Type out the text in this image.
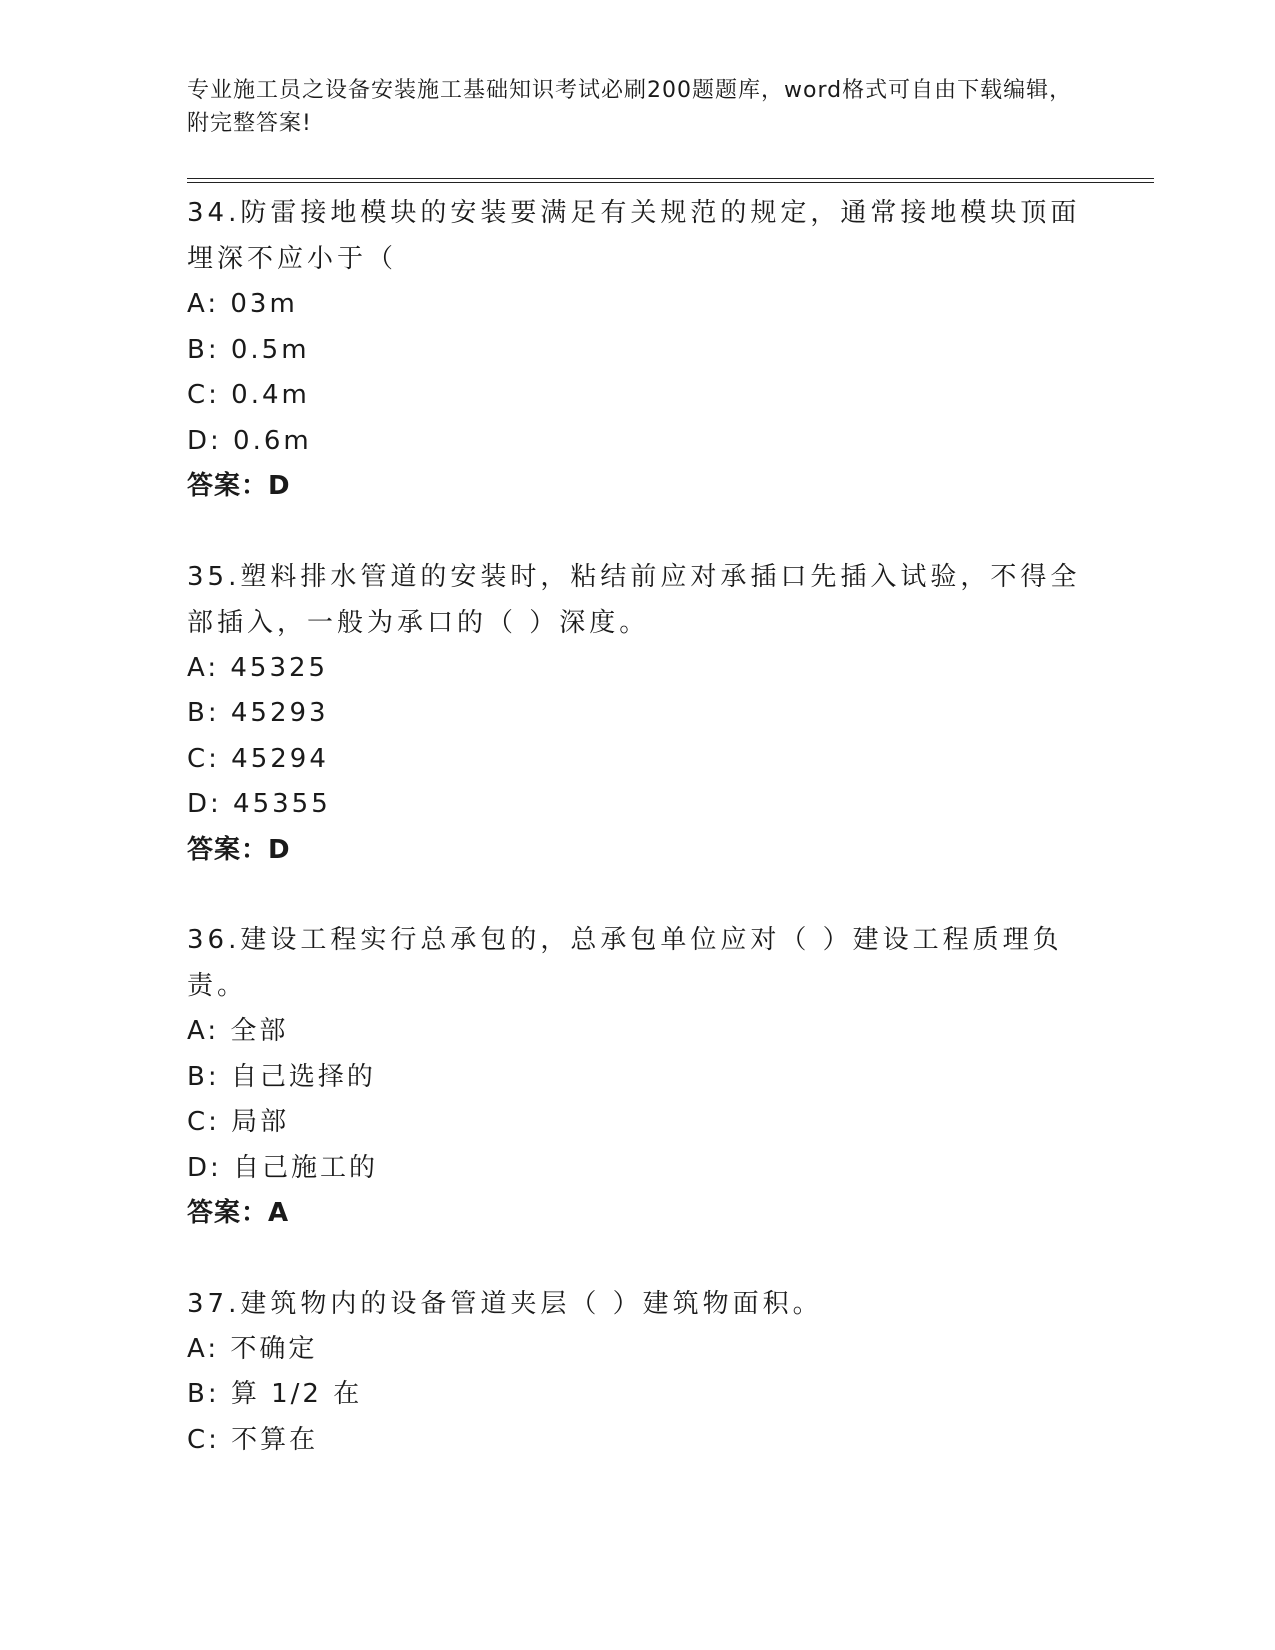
专业施工员之设备安装施工基础知识考试必刷200题题库，word格式可自由下载编辑，附完整答案!

34.防雷接地模块的安装要满足有关规范的规定，通常接地模块顶面埋深不应小于（

A: 03m

B: 0.5m

C: 0.4m

D: 0.6m

答案：D

35.塑料排水管道的安装时，粘结前应对承插口先插入试验，不得全部插入，一般为承口的（ ）深度。

A: 45325

B: 45293

C: 45294

D: 45355

答案：D

36.建设工程实行总承包的，总承包单位应对（ ）建设工程质理负责。

A: 全部

B: 自己选择的

C: 局部

D: 自己施工的

答案：A

37.建筑物内的设备管道夹层（ ）建筑物面积。

A: 不确定

B: 算 1/2 在

C: 不算在
